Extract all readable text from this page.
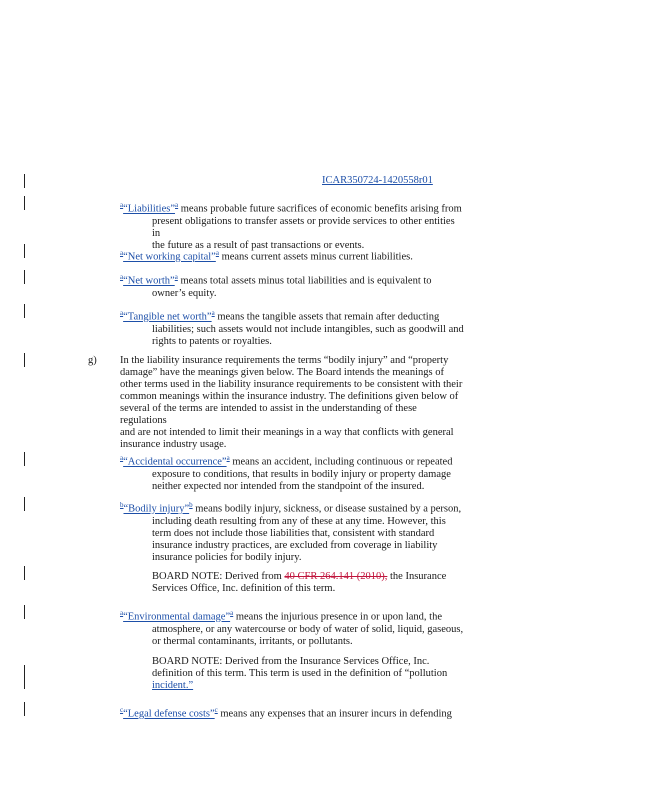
ICAR350724-1420558r01
$^a$“Liabilities”$^a$ means probable future sacrifices of economic benefits arising from
present obligations to transfer assets or provide services to other entities in
the future as a result of past transactions or events.
$^a$“Net working capital”$^a$ means current assets minus current liabilities.
$^a$“Net worth”$^a$ means total assets minus total liabilities and is equivalent to
owner’s equity.
$^a$“Tangible net worth”$^a$ means the tangible assets that remain after deducting
liabilities; such assets would not include intangibles, such as goodwill and
rights to patents or royalties.
g) In the liability insurance requirements the terms “bodily injury” and “property
damage” have the meanings given below. The Board intends the meanings of
other terms used in the liability insurance requirements to be consistent with their
common meanings within the insurance industry. The definitions given below of
several of the terms are intended to assist in the understanding of these regulations
and are not intended to limit their meanings in a way that conflicts with general
insurance industry usage.
$^a$“Accidental occurrence”$^a$ means an accident, including continuous or repeated
exposure to conditions, that results in bodily injury or property damage
neither expected nor intended from the standpoint of the insured.
$^b$“Bodily injury”$^b$ means bodily injury, sickness, or disease sustained by a person,
including death resulting from any of these at any time. However, this
term does not include those liabilities that, consistent with standard
insurance industry practices, are excluded from coverage in liability
insurance policies for bodily injury.
BOARD NOTE: Derived from 40 CFR 264.141 (2010), the Insurance
Services Office, Inc. definition of this term.
$^a$“Environmental damage”$^a$ means the injurious presence in or upon land, the
atmosphere, or any watercourse or body of water of solid, liquid, gaseous,
or thermal contaminants, irritants, or pollutants.
BOARD NOTE: Derived from the Insurance Services Office, Inc.
definition of this term. This term is used in the definition of “pollution
incident.”
$^c$“Legal defense costs”$^c$ means any expenses that an insurer incurs in defending
